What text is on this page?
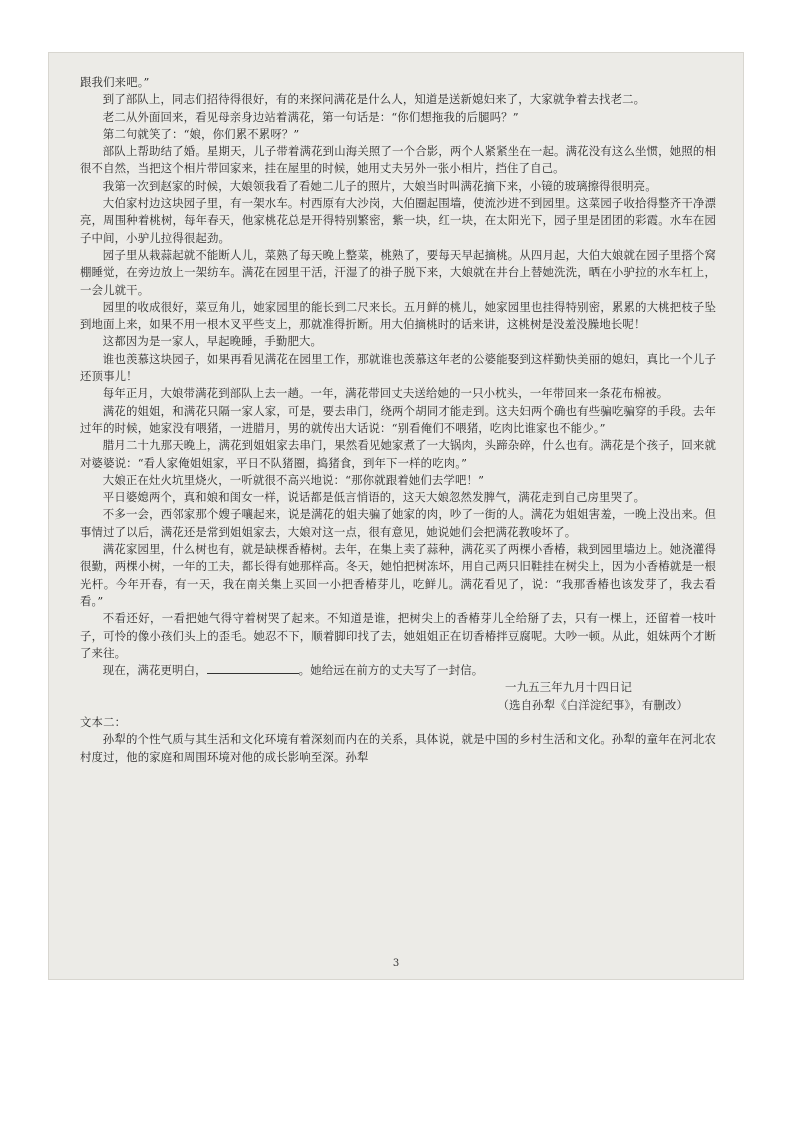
跟我们来吧。”

到了部队上，同志们招待得很好，有的来探问满花是什么人，知道是送新媳妇来了，大家就争着去找老二。

老二从外面回来，看见母亲身边站着满花，第一句话是：“你们想拖我的后腿吗？”

第二句就笑了：“娘，你们累不累呀？”

部队上帮助结了婚。星期天，儿子带着满花到山海关照了一个合影，两个人紧紧坐在一起。满花没有这么坐惯，她照的相很不自然，当把这个相片带回家来，挂在屋里的时候，她用丈夫另外一张小相片，挡住了自己。

我第一次到赵家的时候，大娘领我看了看她二儿子的照片，大娘当时叫满花摘下来，小镜的玻璃擦得很明亮。

大伯家村边这块园子里，有一架水车。村西原有大沙岗，大伯圈起围墙，使流沙进不到园里。这菜园子收拾得整齐干净漂亮，周围种着桃树，每年春天，他家桃花总是开得特别繁密，紫一块，红一块，在太阳光下，园子里是团团的彩霞。水车在园子中间，小驴儿拉得很起劲。

园子里从栽蒜起就不能断人儿，菜熟了每天晚上整菜，桃熟了，要每天早起摘桃。从四月起，大伯大娘就在园子里搭个窝棚睡觉，在旁边放上一架纺车。满花在园里干活，汗湿了的褂子脱下来，大娘就在井台上替她洗洗，晒在小驴拉的水车杠上，一会儿就干。

园里的收成很好，菜豆角儿，她家园里的能长到二尺来长。五月鲜的桃儿，她家园里也挂得特别密，累累的大桃把枝子坠到地面上来，如果不用一根木叉平些支上，那就准得折断。用大伯摘桃时的话来讲，这桃树是没羞没臊地长呢！

这都因为是一家人，早起晚睡，手勤肥大。

谁也羡慕这块园子，如果再看见满花在园里工作，那就谁也羡慕这年老的公婆能娶到这样勤快美丽的媳妇，真比一个儿子还顶事儿！

每年正月，大娘带满花到部队上去一趟。一年，满花带回丈夫送给她的一只小枕头，一年带回来一条花布棉被。

满花的姐姐，和满花只隔一家人家，可是，要去串门，绕两个胡同才能走到。这夫妇两个确也有些骗吃骗穿的手段。去年过年的时候，她家没有喂猪，一进腊月，男的就传出大话说：“别看俺们不喂猪，吃肉比谁家也不能少。”

腊月二十九那天晚上，满花到姐姐家去串门，果然看见她家煮了一大锅肉，头蹄杂碎，什么也有。满花是个孩子，回来就对婆婆说：“看人家俺姐姐家，平日不队猪圈，捣猪食，到年下一样的吃肉。”

大娘正在灶火坑里烧火，一听就很不高兴地说：“那你就跟着她们去学吧！”

平日婆媳两个，真和娘和闺女一样，说话都是低言悄语的，这天大娘忽然发脾气，满花走到自己房里哭了。

不多一会，西邻家那个嫂子嚷起来，说是满花的姐夫骗了她家的肉，吵了一街的人。满花为姐姐害羞，一晚上没出来。但事情过了以后，满花还是常到姐姐家去，大娘对这一点，很有意见，她说她们会把满花教唆坏了。

满花家园里，什么树也有，就是缺棵香椿树。去年，在集上卖了蒜种，满花买了两棵小香椿，栽到园里墙边上。她浇灌得很勤，两棵小树，一年的工夫，都长得有她那样高。冬天，她怕把树冻坏，用自己两只旧鞋挂在树尖上，因为小香椿就是一根光杆。今年开春，有一天，我在南关集上买回一小把香椿芽儿，吃鲜儿。满花看见了，说：“我那香椿也该发芽了，我去看看。”

不看还好，一看把她气得守着树哭了起来。不知道是谁，把树尖上的香椿芽儿全给掰了去，只有一棵上，还留着一枝叶子，可怜的像小孩们头上的歪毛。她忍不下，顺着脚印找了去，她姐姐正在切香椿拌豆腐呢。大吵一顿。从此，姐妹两个才断了来往。

现在，满花更明白，	。她给远在前方的丈夫写了一封信。

一九五三年九月十四日记

（选自孙犁《白洋淀纪事》，有删改）

文本二：

孙犁的个性气质与其生活和文化环境有着深刻而内在的关系，具体说，就是中国的乡村生活和文化。孙犁的童年在河北农村度过，他的家庭和周围环境对他的成长影响至深。孙犁

3
